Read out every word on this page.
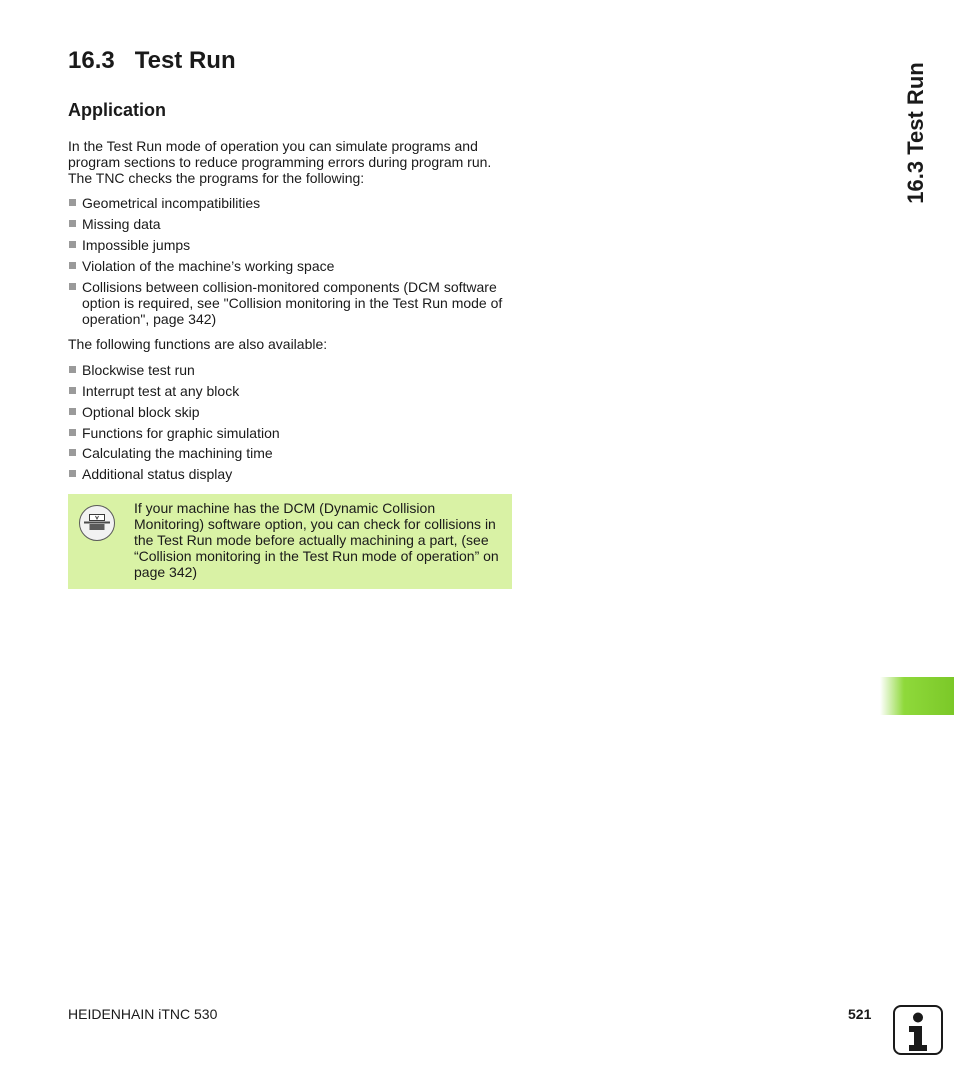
16.3 Test Run
Application

In the Test Run mode of operation you can simulate programs and program sections to reduce programming errors during program run. The TNC checks the programs for the following:

Geometrical incompatibilities
Missing data
Impossible jumps
Violation of the machine’s working space
Collisions between collision-monitored components (DCM software option is required, see "Collision monitoring in the Test Run mode of operation", page 342)

The following functions are also available:

Blockwise test run
Interrupt test at any block
Optional block skip
Functions for graphic simulation
Calculating the machining time
Additional status display
If your machine has the DCM (Dynamic Collision Monitoring) software option, you can check for collisions in the Test Run mode before actually machining a part, (see “Collision monitoring in the Test Run mode of operation” on page 342)
16.3 Test Run
HEIDENHAIN iTNC 530	521
